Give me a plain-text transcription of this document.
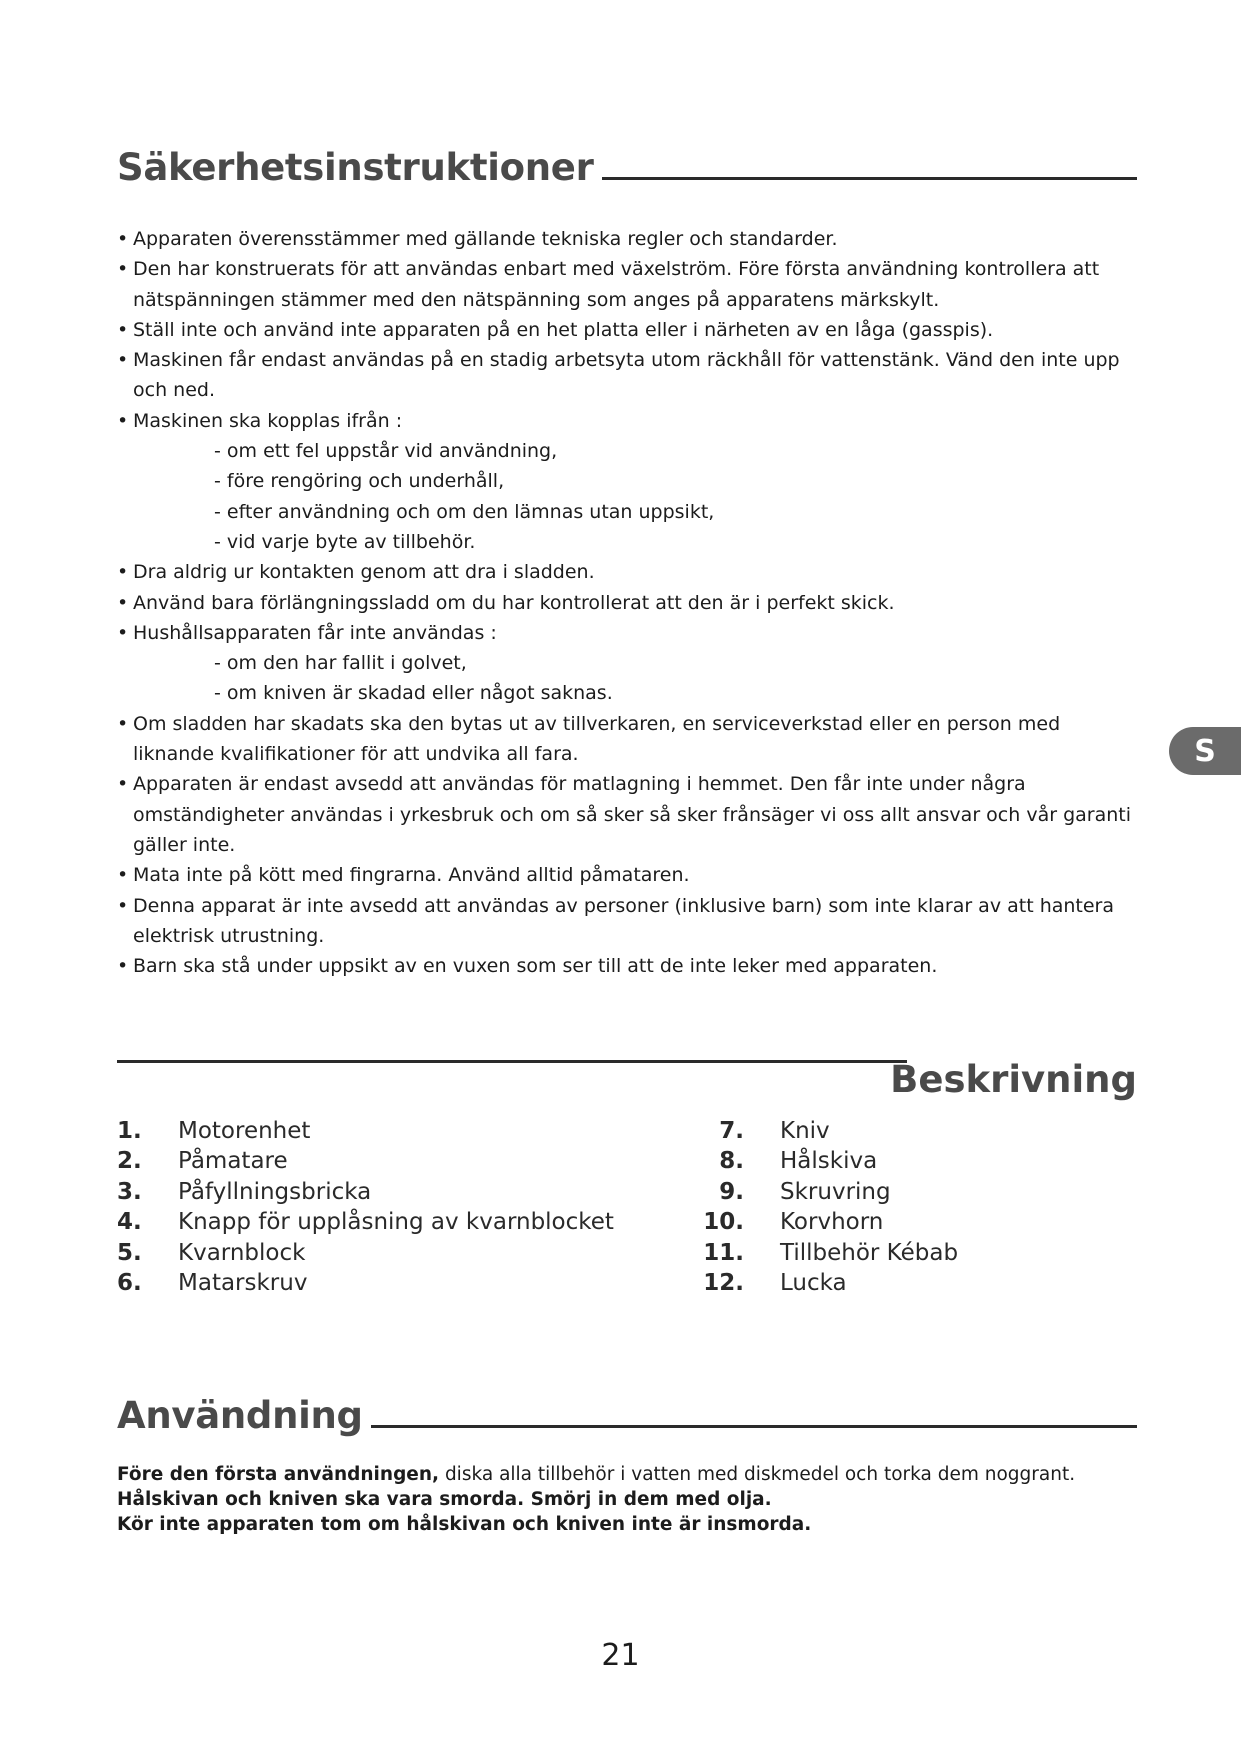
Säkerhetsinstruktioner
• Apparaten överensstämmer med gällande tekniska regler och standarder.
• Den har konstruerats för att användas enbart med växelström. Före första användning kontrollera att nätspänningen stämmer med den nätspänning som anges på apparatens märkskylt.
• Ställ inte och använd inte apparaten på en het platta eller i närheten av en låga (gasspis).
• Maskinen får endast användas på en stadig arbetsyta utom räckhåll för vattenstänk. Vänd den inte upp och ned.
• Maskinen ska kopplas ifrån :
- om ett fel uppstår vid användning,
- före rengöring och underhåll,
- efter användning och om den lämnas utan uppsikt,
- vid varje byte av tillbehör.
• Dra aldrig ur kontakten genom att dra i sladden.
• Använd bara förlängningssladd om du har kontrollerat att den är i perfekt skick.
• Hushållsapparaten får inte användas :
- om den har fallit i golvet,
- om kniven är skadad eller något saknas.
• Om sladden har skadats ska den bytas ut av tillverkaren, en serviceverkstad eller en person med liknande kvalifikationer för att undvika all fara.
• Apparaten är endast avsedd att användas för matlagning i hemmet. Den får inte under några omständigheter användas i yrkesbruk och om så sker så sker frånsäger vi oss allt ansvar och vår garanti gäller inte.
• Mata inte på kött med fingrarna. Använd alltid påmataren.
• Denna apparat är inte avsedd att användas av personer (inklusive barn) som inte klarar av att hantera elektrisk utrustning.
• Barn ska stå under uppsikt av en vuxen som ser till att de inte leker med apparaten.
Beskrivning
1. Motorenhet
2. Påmatare
3. Påfyllningsbricka
4. Knapp för upplåsning av kvarnblocket
5. Kvarnblock
6. Matarskruv
7. Kniv
8. Hålskiva
9. Skruvring
10. Korvhorn
11. Tillbehör Kébab
12. Lucka
Användning
Före den första användningen, diska alla tillbehör i vatten med diskmedel och torka dem noggrant.
Hålskivan och kniven ska vara smorda. Smörj in dem med olja.
Kör inte apparaten tom om hålskivan och kniven inte är insmorda.
S
21
